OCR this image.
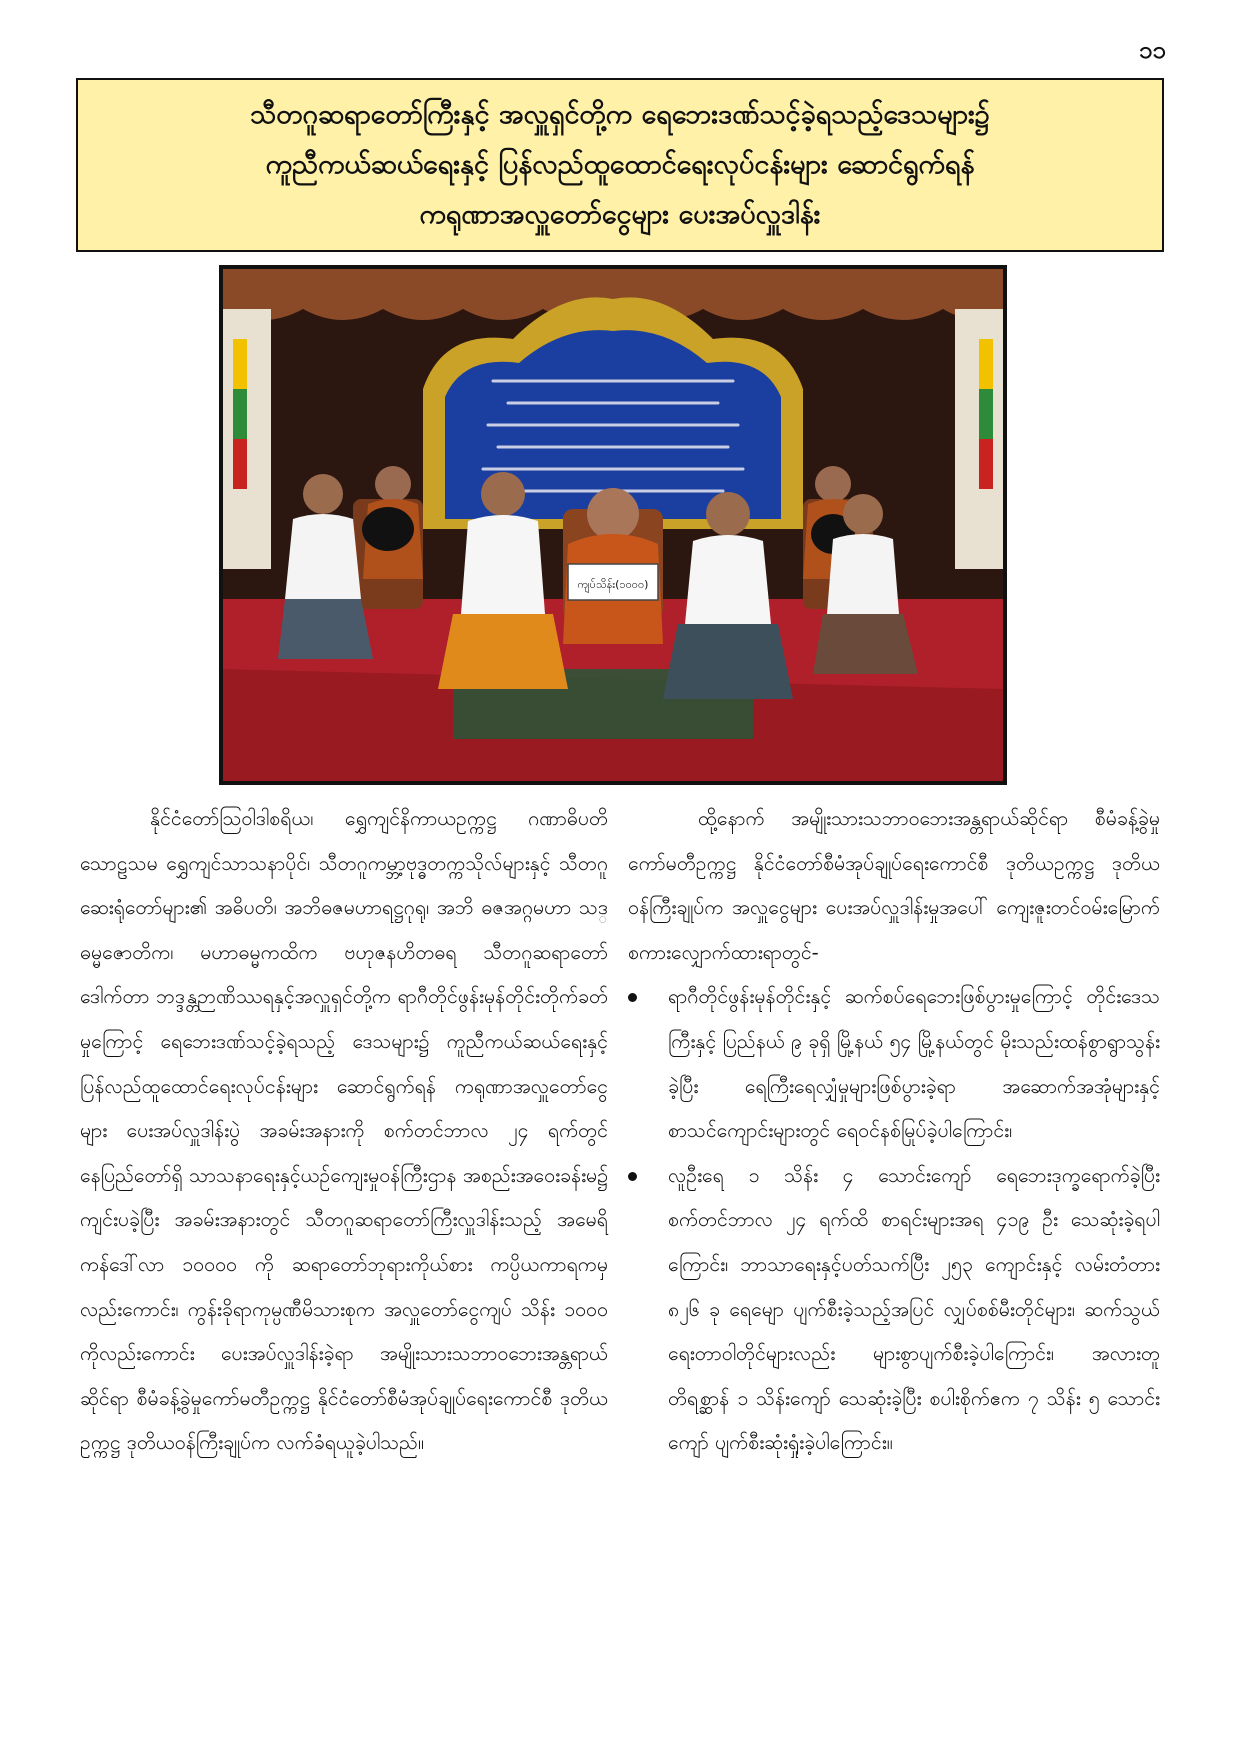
၁၁
သီတဂူဆရာတော်ကြီးနှင့် အလှူရှင်တို့က ရေဘေးဒဏ်သင့်ခဲ့ရသည့်ဒေသများ၌
ကူညီကယ်ဆယ်ရေးနှင့် ပြန်လည်ထူထောင်ရေးလုပ်ငန်းများ ဆောင်ရွက်ရန်
ကရုဏာအလှူတော်ငွေများ ပေးအပ်လှူဒါန်း
ကျပ်သိန်း(၁၀၀၀)

နိုင်ငံတော်သြဝါဒါစရိယ၊ ရွှေကျင်နိကာယဥက္ကဋ္ဌ ဂဏာဓိပတိ သောဠသမ ရွှေကျင်သာသနာပိုင်၊ သီတဂူကမ္ဘာ့ဗုဒ္ဓတက္ကသိုလ်များနှင့် သီတဂူဆေးရုံတော်များ၏ အဓိပတိ၊ အဘိဓဇမဟာရဋ္ဌဂုရု၊ အဘိ ဓဇအဂ္ဂမဟာ သဒ္ဓမ္မဇောတိက၊ မဟာဓမ္မကထိက ဗဟုဇနဟိတဓရ သီတဂူဆရာတော် ဒေါက်တာ ဘဒ္ဒန္တဉာဏိဿရနှင့်အလှူရှင်တို့က ရာဂီတိုင်ဖွန်းမုန်တိုင်းတိုက်ခတ်မှုကြောင့် ရေဘေးဒဏ်သင့်ခဲ့ရသည့် ဒေသများ၌ ကူညီကယ်ဆယ်ရေးနှင့် ပြန်လည်ထူထောင်ရေးလုပ်ငန်းများ ဆောင်ရွက်ရန် ကရုဏာအလှူတော်ငွေများ ပေးအပ်လှူဒါန်းပွဲ အခမ်းအနားကို စက်တင်ဘာလ ၂၄ ရက်တွင် နေပြည်တော်ရှိ သာသနာရေးနှင့်ယဉ်ကျေးမှုဝန်ကြီးဌာန အစည်းအဝေးခန်းမ၌ ကျင်းပခဲ့ပြီး အခမ်းအနားတွင် သီတဂူဆရာတော်ကြီးလှူဒါန်းသည့် အမေရိကန်ဒေါ်လာ ၁၀၀၀၀ ကို ဆရာတော်ဘုရားကိုယ်စား ကပ္ပိယကာရကမှ လည်းကောင်း၊ ကွန်းခိုရာကုမ္ပဏီမိသားစုက အလှူတော်ငွေကျပ် သိန်း ၁၀၀၀ ကိုလည်းကောင်း ပေးအပ်လှူဒါန်းခဲ့ရာ အမျိုးသားသဘာဝဘေးအန္တရာယ်ဆိုင်ရာ စီမံခန့်ခွဲမှုကော်မတီဥက္ကဋ္ဌ နိုင်ငံတော်စီမံအုပ်ချုပ်ရေးကောင်စီ ဒုတိယဥက္ကဋ္ဌ ဒုတိယဝန်ကြီးချုပ်က လက်ခံရယူခဲ့ပါသည်။

ထို့နောက် အမျိုးသားသဘာဝဘေးအန္တရာယ်ဆိုင်ရာ စီမံခန့်ခွဲမှုကော်မတီဥက္ကဋ္ဌ နိုင်ငံတော်စီမံအုပ်ချုပ်ရေးကောင်စီ ဒုတိယဥက္ကဋ္ဌ ဒုတိယဝန်ကြီးချုပ်က အလှူငွေများ ပေးအပ်လှူဒါန်းမှုအပေါ် ကျေးဇူးတင်ဝမ်းမြောက်စကားလျှောက်ထားရာတွင်-

ရာဂီတိုင်ဖွန်းမုန်တိုင်းနှင့် ဆက်စပ်ရေဘေးဖြစ်ပွားမှုကြောင့် တိုင်းဒေသကြီးနှင့် ပြည်နယ် ၉ ခုရှိ မြို့နယ် ၅၄ မြို့နယ်တွင် မိုးသည်းထန်စွာရွာသွန်းခဲ့ပြီး ရေကြီးရေလျှံမှုများဖြစ်ပွားခဲ့ရာ အဆောက်အအုံများနှင့် စာသင်ကျောင်းများတွင် ရေဝင်နစ်မြုပ်ခဲ့ပါကြောင်း၊
လူဦးရေ ၁ သိန်း ၄ သောင်းကျော် ရေဘေးဒုက္ခရောက်ခဲ့ပြီး စက်တင်ဘာလ ၂၄ ရက်ထိ စာရင်းများအရ ၄၁၉ ဦး သေဆုံးခဲ့ရပါကြောင်း၊ ဘာသာရေးနှင့်ပတ်သက်ပြီး ၂၅၃ ကျောင်းနှင့် လမ်းတံတား ၈၂၆ ခု ရေမျော ပျက်စီးခဲ့သည့်အပြင် လျှပ်စစ်မီးတိုင်များ၊ ဆက်သွယ်ရေးတာဝါတိုင်များလည်း များစွာပျက်စီးခဲ့ပါကြောင်း၊ အလားတူ တိရစ္ဆာန် ၁ သိန်းကျော် သေဆုံးခဲ့ပြီး စပါးစိုက်ဧက ၇ သိန်း ၅ သောင်းကျော် ပျက်စီးဆုံးရှုံးခဲ့ပါကြောင်း။
